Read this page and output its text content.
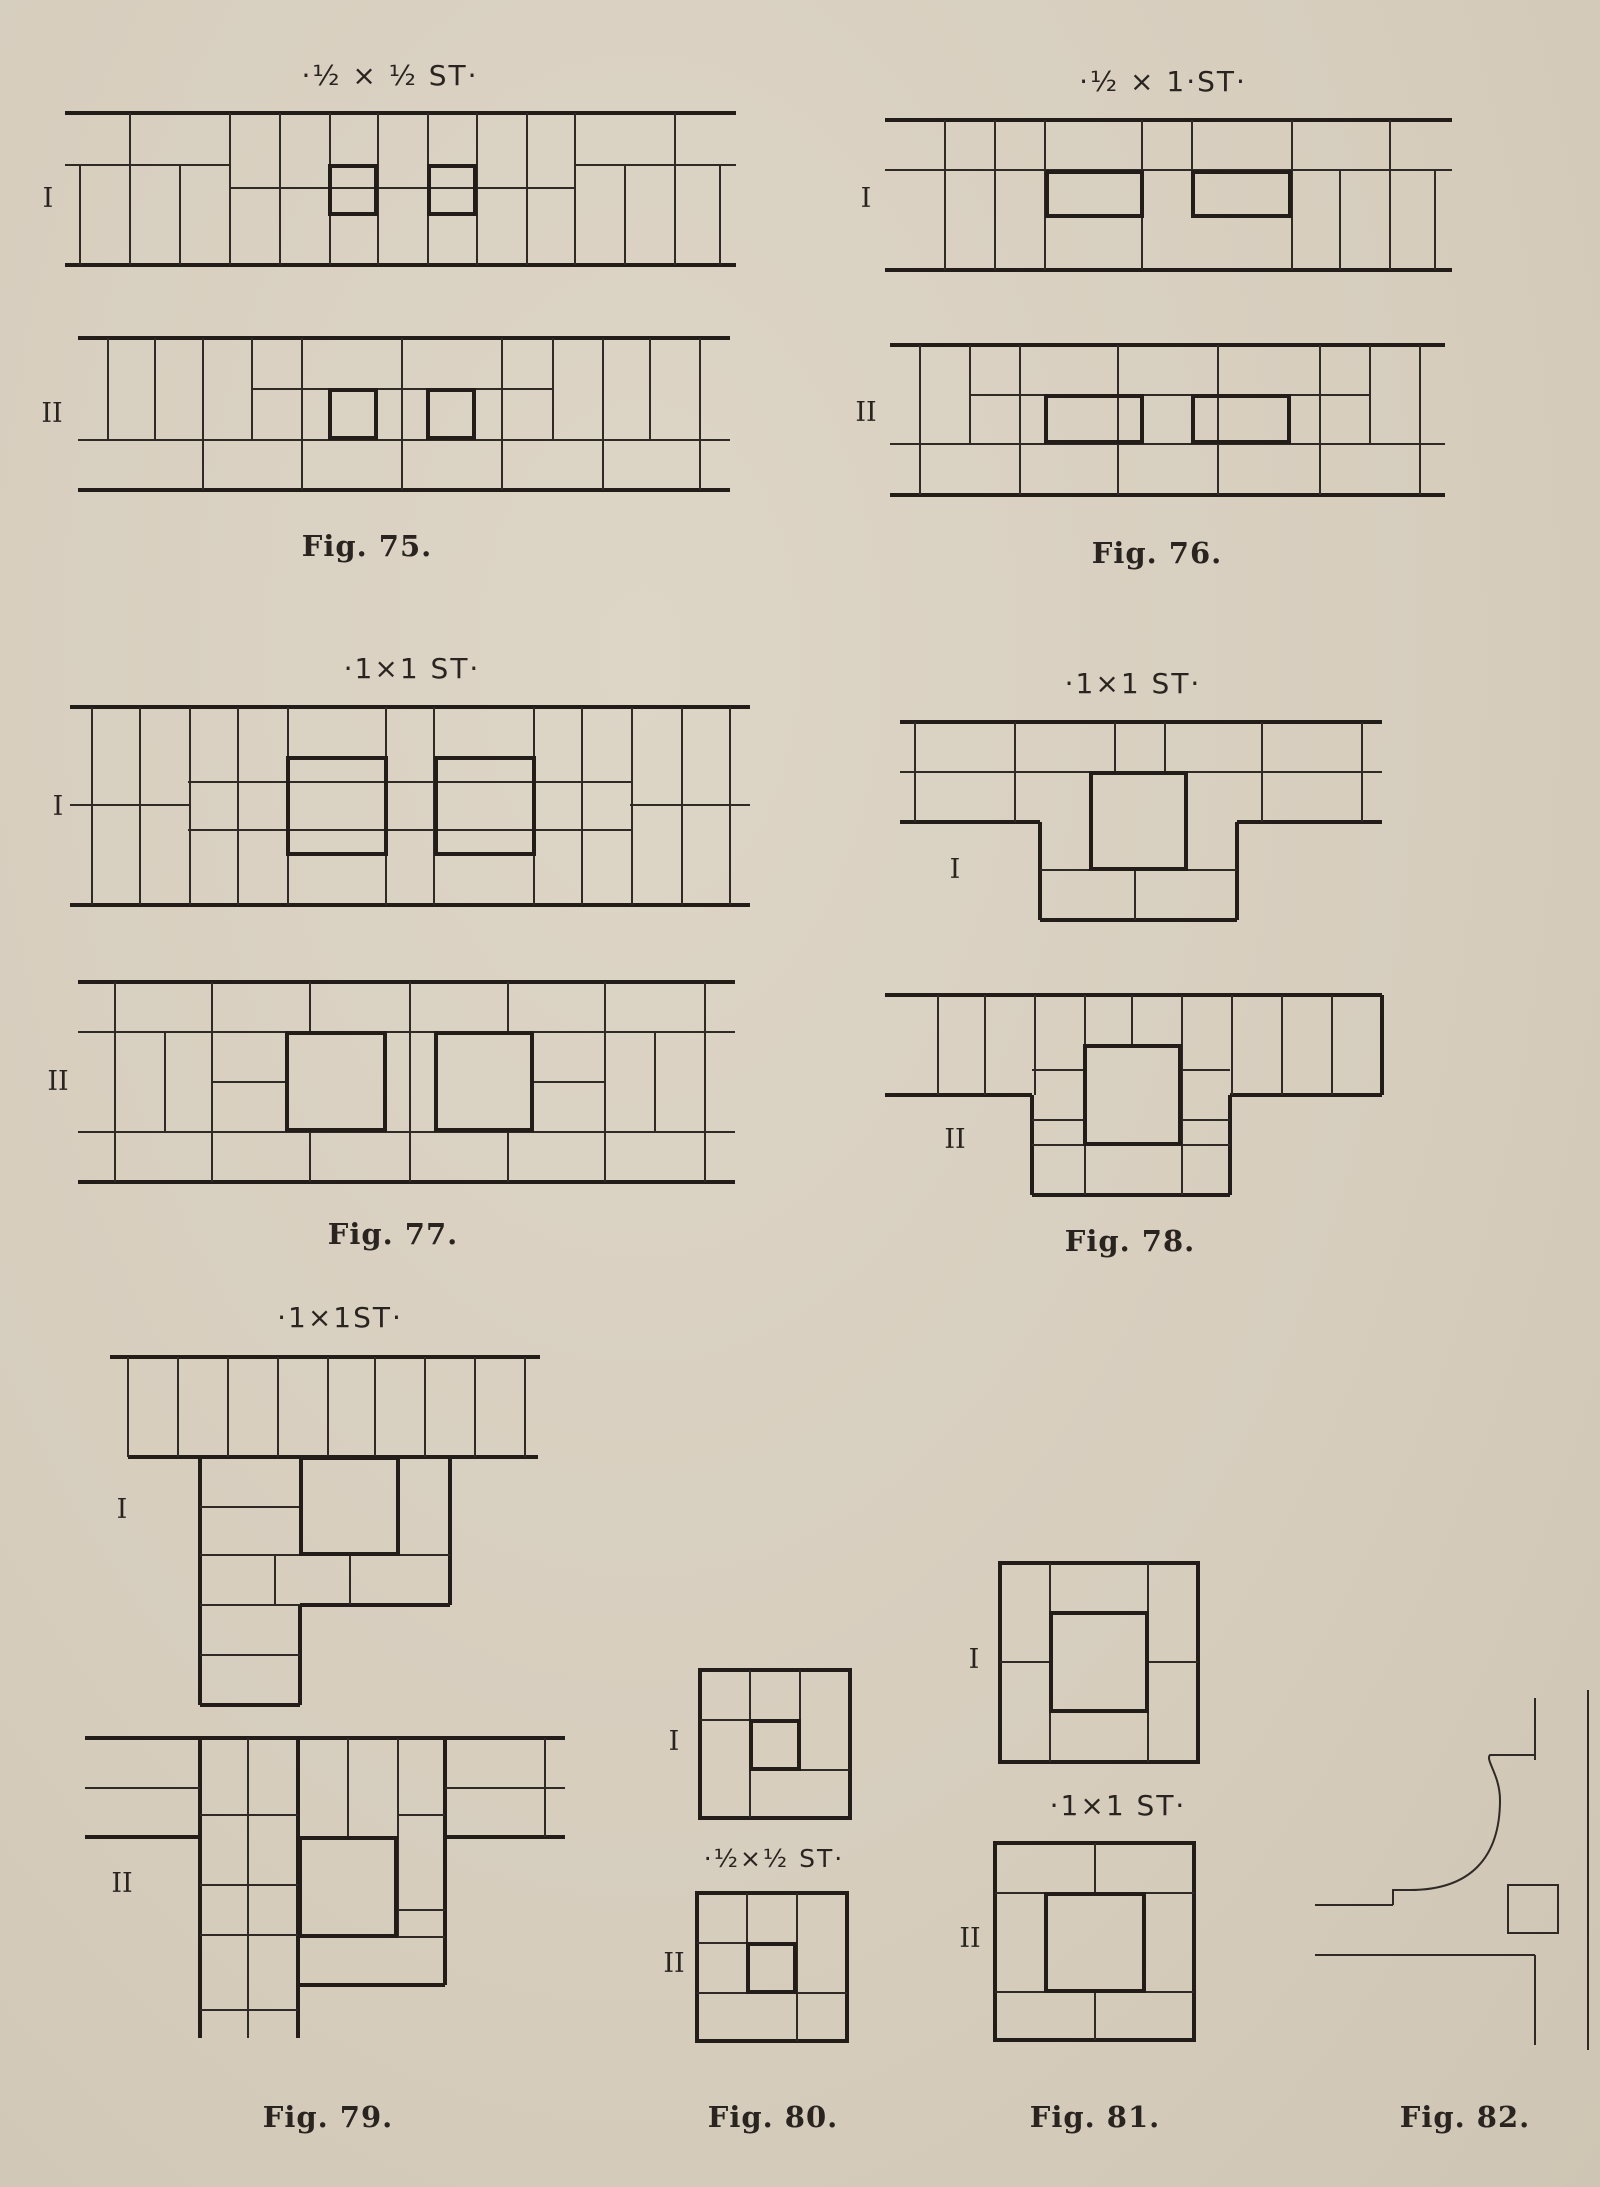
·½ × ½ ST·
I
II
Fig. 75.
·½ × 1·ST·
I
II
Fig. 76.
·1×1 ST·
I
II
Fig. 77.
·1×1 ST·
I
II
Fig. 78.
·1×1ST·
I
II
Fig. 79.
I
·½×½ ST·
II
Fig. 80.
I
·1×1 ST·
II
Fig. 81.	Fig. 82.
